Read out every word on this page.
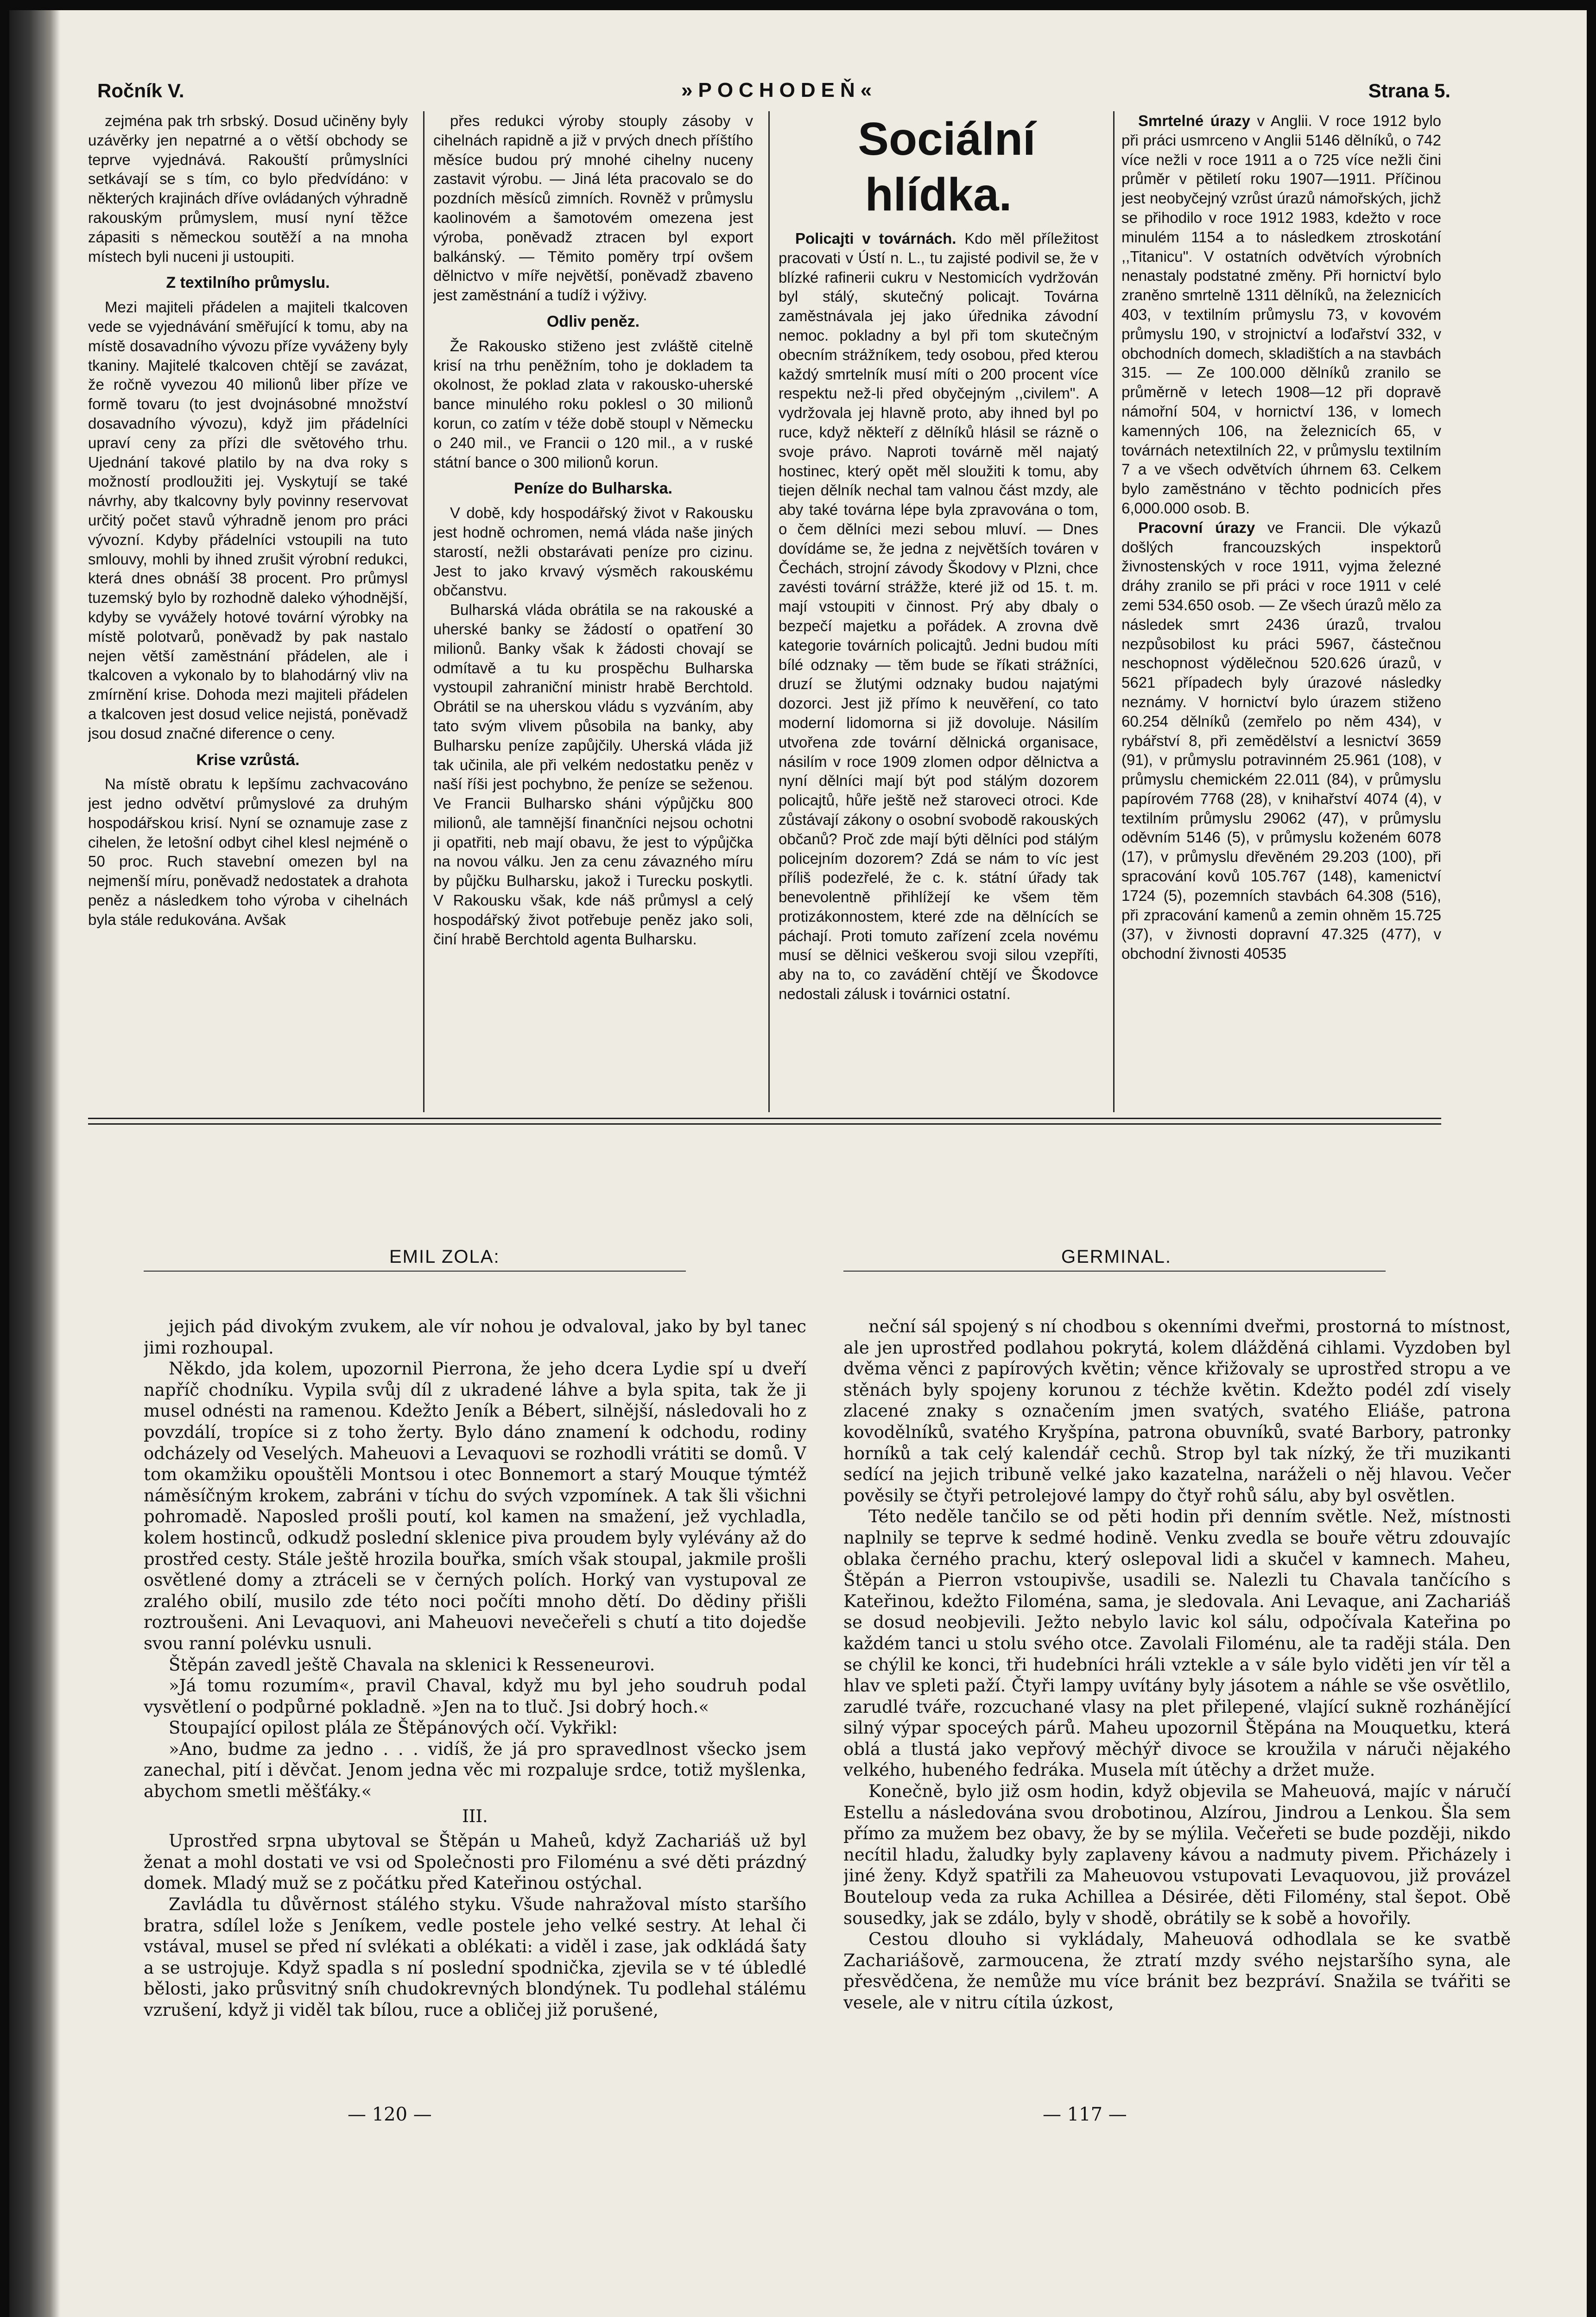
Ročník V.	»POCHODEŇ«	Strana 5.

zejména pak trh srbský. Dosud učiněny byly uzávěrky jen nepatrné a o větší obchody se teprve vyjednává. Rakouští průmyslníci setkávají se s tím, co bylo předvídáno: v některých krajinách dříve ovládaných výhradně rakouským průmyslem, musí nyní těžce zápasiti s německou soutěží a na mnoha místech byli nuceni ji ustoupiti.

Z textilního průmyslu.

Mezi majiteli přádelen a majiteli tkalcoven vede se vyjednávání směřující k tomu, aby na místě dosavadního vývozu příze vyváženy byly tkaniny. Majitelé tkalcoven chtějí se zavázat, že ročně vyvezou 40 milionů liber příze ve formě tovaru (to jest dvojnásobné množství dosavadního vývozu), když jim přádelníci upraví ceny za přízi dle světového trhu. Ujednání takové platilo by na dva roky s možností prodloužiti jej. Vyskytují se také návrhy, aby tkalcovny byly povinny reservovat určitý počet stavů výhradně jenom pro práci vývozní. Kdyby přádelníci vstoupili na tuto smlouvy, mohli by ihned zrušit výrobní redukci, která dnes obnáší 38 procent. Pro průmysl tuzemský bylo by rozhodně daleko výhodnější, kdyby se vyvážely hotové tovární výrobky na místě polotvarů, poněvadž by pak nastalo nejen větší zaměstnání přádelen, ale i tkalcoven a vykonalo by to blahodárný vliv na zmírnění krise. Dohoda mezi majiteli přádelen a tkalcoven jest dosud velice nejistá, poněvadž jsou dosud značné diference o ceny.

Krise vzrůstá.

Na místě obratu k lepšímu zachvacováno jest jedno odvětví průmyslové za druhým hospodářskou krisí. Nyní se oznamuje zase z cihelen, že letošní odbyt cihel klesl nejméně o 50 proc. Ruch stavební omezen byl na nejmenší míru, poněvadž nedostatek a drahota peněz a následkem toho výroba v cihelnách byla stále redukována. Avšak

přes redukci výroby stouply zásoby v cihelnách rapidně a již v prvých dnech příštího měsíce budou prý mnohé cihelny nuceny zastavit výrobu. — Jiná léta pracovalo se do pozdních měsíců zimních. Rovněž v průmyslu kaolinovém a šamotovém omezena jest výroba, poněvadž ztracen byl export balkánský. — Těmito poměry trpí ovšem dělnictvo v míře největší, poněvadž zbaveno jest zaměstnání a tudíž i výživy.

Odliv peněz.

Že Rakousko stiženo jest zvláště citelně krisí na trhu peněžním, toho je dokladem ta okolnost, že poklad zlata v rakousko-uherské bance minulého roku poklesl o 30 milionů korun, co zatím v téže době stoupl v Německu o 240 mil., ve Francii o 120 mil., a v ruské státní bance o 300 milionů korun.

Peníze do Bulharska.

V době, kdy hospodářský život v Rakousku jest hodně ochromen, nemá vláda naše jiných starostí, nežli obstarávati peníze pro cizinu. Jest to jako krvavý výsměch rakouskému občanstvu.

Bulharská vláda obrátila se na rakouské a uherské banky se žádostí o opatření 30 milionů. Banky však k žádosti chovají se odmítavě a tu ku prospěchu Bulharska vystoupil zahraniční ministr hrabě Berchtold. Obrátil se na uherskou vládu s vyzváním, aby tato svým vlivem působila na banky, aby Bulharsku peníze zapůjčily. Uherská vláda již tak učinila, ale při velkém nedostatku peněz v naší říši jest pochybno, že peníze se seženou. Ve Francii Bulharsko sháni výpůjčku 800 milionů, ale tamnější finančníci nejsou ochotni ji opatřiti, neb mají obavu, že jest to výpůjčka na novou válku. Jen za cenu závazného míru by půjčku Bulharsku, jakož i Turecku poskytli. V Rakousku však, kde náš průmysl a celý hospodářský život potřebuje peněz jako soli, činí hrabě Berchtold agenta Bulharsku.

Sociální hlídka.

Policajti v továrnách. Kdo měl příležitost pracovati v Ústí n. L., tu zajisté podivil se, že v blízké rafinerii cukru v Nestomicích vydržován byl stálý, skutečný policajt. Továrna zaměstnávala jej jako úřednika závodní nemoc. pokladny a byl při tom skutečným obecním strážníkem, tedy osobou, před kterou každý smrtelník musí míti o 200 procent více respektu než-li před obyčejným ,,civilem". A vydržovala jej hlavně proto, aby ihned byl po ruce, když někteří z dělníků hlásil se rázně o svoje právo. Naproti továrně měl najatý hostinec, který opět měl sloužiti k tomu, aby tiejen dělník nechal tam valnou část mzdy, ale aby také továrna lépe byla zpravována o tom, o čem dělníci mezi sebou mluví. — Dnes dovídáme se, že jedna z největších továren v Čechách, strojní závody Škodovy v Plzni, chce zavésti tovární strážže, které již od 15. t. m. mají vstoupiti v činnost. Prý aby dbaly o bezpečí majetku a pořádek. A zrovna dvě kategorie továrních policajtů. Jedni budou míti bílé odznaky — těm bude se říkati strážníci, druzí se žlutými odznaky budou najatými dozorci. Jest již přímo k neuvěření, co tato moderní lidomorna si již dovoluje. Násilím utvořena zde tovární dělnická organisace, násilím v roce 1909 zlomen odpor dělnictva a nyní dělníci mají být pod stálým dozorem policajtů, hůře ještě než staroveci otroci. Kde zůstávají zákony o osobní svobodě rakouských občanů? Proč zde mají býti dělníci pod stálým policejním dozorem? Zdá se nám to víc jest příliš podezřelé, že c. k. státní úřady tak benevolentně přihlížejí ke všem těm protizákonnostem, které zde na dělnících se páchají. Proti tomuto zařízení zcela novému musí se dělnici veškerou svoji silou vzepříti, aby na to, co zavádění chtějí ve Škodovce nedostali zálusk i továrnici ostatní.

Smrtelné úrazy v Anglii. V roce 1912 bylo při práci usmrceno v Anglii 5146 dělníků, o 742 více nežli v roce 1911 a o 725 více nežli čini průměr v pětiletí roku 1907—1911. Příčinou jest neobyčejný vzrůst úrazů námořských, jichž se přihodilo v roce 1912 1983, kdežto v roce minulém 1154 a to následkem ztroskotání ,,Titanicu". V ostatních odvětvích výrobních nenastaly podstatné změny. Při hornictví bylo zraněno smrtelně 1311 dělníků, na železnicích 403, v textilním průmyslu 73, v kovovém průmyslu 190, v strojnictví a loďařství 332, v obchodních domech, skladištích a na stavbách 315. — Ze 100.000 dělníků zranilo se průměrně v letech 1908—12 při dopravě námořní 504, v hornictví 136, v lomech kamenných 106, na železnicích 65, v továrnách netextilních 22, v průmyslu textilním 7 a ve všech odvětvích úhrnem 63. Celkem bylo zaměstnáno v těchto podnicích přes 6,000.000 osob. B.

Pracovní úrazy ve Francii. Dle výkazů došlých francouzských inspektorů živnostenských v roce 1911, vyjma železné dráhy zranilo se při práci v roce 1911 v celé zemi 534.650 osob. — Ze všech úrazů mělo za následek smrt 2436 úrazů, trvalou nezpůsobilost ku práci 5967, částečnou neschopnost výdělečnou 520.626 úrazů, v 5621 případech byly úrazové následky neznámy. V hornictví bylo úrazem stiženo 60.254 dělníků (zemřelo po něm 434), v rybářství 8, při zemědělství a lesnictví 3659 (91), v průmyslu potravinném 25.961 (108), v průmyslu chemickém 22.011 (84), v průmyslu papírovém 7768 (28), v knihařství 4074 (4), v textilním průmyslu 29062 (47), v průmyslu oděvním 5146 (5), v průmyslu koženém 6078 (17), v průmyslu dřevěném 29.203 (100), při spracování kovů 105.767 (148), kamenictví 1724 (5), pozemních stavbách 64.308 (516), při zpracování kamenů a zemin ohněm 15.725 (37), v živnosti dopravní 47.325 (477), v obchodní živnosti 40535

EMIL ZOLA:	GERMINAL.

jejich pád divokým zvukem, ale vír nohou je odvaloval, jako by byl tanec jimi rozhoupal.

Někdo, jda kolem, upozornil Pierrona, že jeho dcera Lydie spí u dveří napříč chodníku. Vypila svůj díl z ukradené láhve a byla spita, tak že ji musel odnésti na ramenou. Kdežto Jeník a Bébert, silnější, následovali ho z povzdálí, tropíce si z toho žerty. Bylo dáno znamení k odchodu, rodiny odcházely od Veselých. Maheuovi a Levaquovi se rozhodli vrátiti se domů. V tom okamžiku opouštěli Montsou i otec Bonnemort a starý Mouque týmtéž náměsíčným krokem, zabráni v tíchu do svých vzpomínek. A tak šli všichni pohromadě. Naposled prošli poutí, kol kamen na smažení, jež vychladla, kolem hostinců, odkudž poslední sklenice piva proudem byly vylévány až do prostřed cesty. Stále ještě hrozila bouřka, smích však stoupal, jakmile prošli osvětlené domy a ztráceli se v černých polích. Horký van vystupoval ze zralého obilí, musilo zde této noci počíti mnoho dětí. Do dědiny přišli roztroušeni. Ani Levaquovi, ani Maheuovi nevečeřeli s chutí a tito dojedše svou ranní polévku usnuli.

Štěpán zavedl ještě Chavala na sklenici k Resseneurovi.

»Já tomu rozumím«, pravil Chaval, když mu byl jeho soudruh podal vysvětlení o podpůrné pokladně. »Jen na to tluč. Jsi dobrý hoch.«

Stoupající opilost plála ze Štěpánových očí. Vykřikl:

»Ano, budme za jedno . . . vidíš, že já pro spravedlnost všecko jsem zanechal, pití i děvčat. Jenom jedna věc mi rozpaluje srdce, totiž myšlenka, abychom smetli měšťáky.«

III.

Uprostřed srpna ubytoval se Štěpán u Maheů, když Zachariáš už byl ženat a mohl dostati ve vsi od Společnosti pro Filoménu a své děti prázdný domek. Mladý muž se z počátku před Kateřinou ostýchal.

Zavládla tu důvěrnost stálého styku. Všude nahražoval místo staršího bratra, sdílel lože s Jeníkem, vedle postele jeho velké sestry. At lehal či vstával, musel se před ní svlékati a oblékati: a viděl i zase, jak odkládá šaty a se ustrojuje. Když spadla s ní poslední spodnička, zjevila se v té úbledlé bělosti, jako průsvitný sníh chudokrevných blondýnek. Tu podlehal stálému vzrušení, když ji viděl tak bílou, ruce a obličej již porušené,

neční sál spojený s ní chodbou s okenními dveřmi, prostorná to místnost, ale jen uprostřed podlahou pokrytá, kolem dlážděná cihlami. Vyzdoben byl dvěma věnci z papírových květin; věnce křižovaly se uprostřed stropu a ve stěnách byly spojeny korunou z téchže květin. Kdežto podél zdí visely zlacené znaky s označením jmen svatých, svatého Eliáše, patrona kovodělníků, svatého Kryšpína, patrona obuvníků, svaté Barbory, patronky horníků a tak celý kalendář cechů. Strop byl tak nízký, že tři muzikanti sedící na jejich tribuně velké jako kazatelna, naráželi o něj hlavou. Večer pověsily se čtyři petrolejové lampy do čtyř rohů sálu, aby byl osvětlen.

Této neděle tančilo se od pěti hodin při denním světle. Než, místnosti naplnily se teprve k sedmé hodině. Venku zvedla se bouře větru zdouvajíc oblaka černého prachu, který oslepoval lidi a skučel v kamnech. Maheu, Štěpán a Pierron vstoupivše, usadili se. Nalezli tu Chavala tančícího s Kateřinou, kdežto Filoména, sama, je sledovala. Ani Levaque, ani Zachariáš se dosud neobjevili. Ježto nebylo lavic kol sálu, odpočívala Kateřina po každém tanci u stolu svého otce. Zavolali Filoménu, ale ta raději stála. Den se chýlil ke konci, tři hudebníci hráli vztekle a v sále bylo viděti jen vír těl a hlav ve spleti paží. Čtyři lampy uvítány byly jásotem a náhle se vše osvětlilo, zarudlé tváře, rozcuchané vlasy na plet přilepené, vlající sukně rozhánějící silný výpar spoceých párů. Maheu upozornil Štěpána na Mouquetku, která oblá a tlustá jako vepřový měchýř divoce se kroužila v náruči nějakého velkého, hubeného fedráka. Musela mít útěchy a držet muže.

Konečně, bylo již osm hodin, když objevila se Maheuová, majíc v náručí Estellu a následována svou drobotinou, Alzírou, Jindrou a Lenkou. Šla sem přímo za mužem bez obavy, že by se mýlila. Večeřeti se bude později, nikdo necítil hladu, žaludky byly zaplaveny kávou a nadmuty pivem. Přicházely i jiné ženy. Když spatřili za Maheuovou vstupovati Levaquovou, již provázel Bouteloup veda za ruka Achillea a Désirée, děti Filomény, stal šepot. Obě sousedky, jak se zdálo, byly v shodě, obrátily se k sobě a hovořily.

Cestou dlouho si vykládaly, Maheuová odhodlala se ke svatbě Zachariášově, zarmoucena, že ztratí mzdy svého nejstaršího syna, ale přesvědčena, že nemůže mu více bránit bez bezpráví. Snažila se tvářiti se vesele, ale v nitru cítila úzkost,

— 120 —	— 117 —
